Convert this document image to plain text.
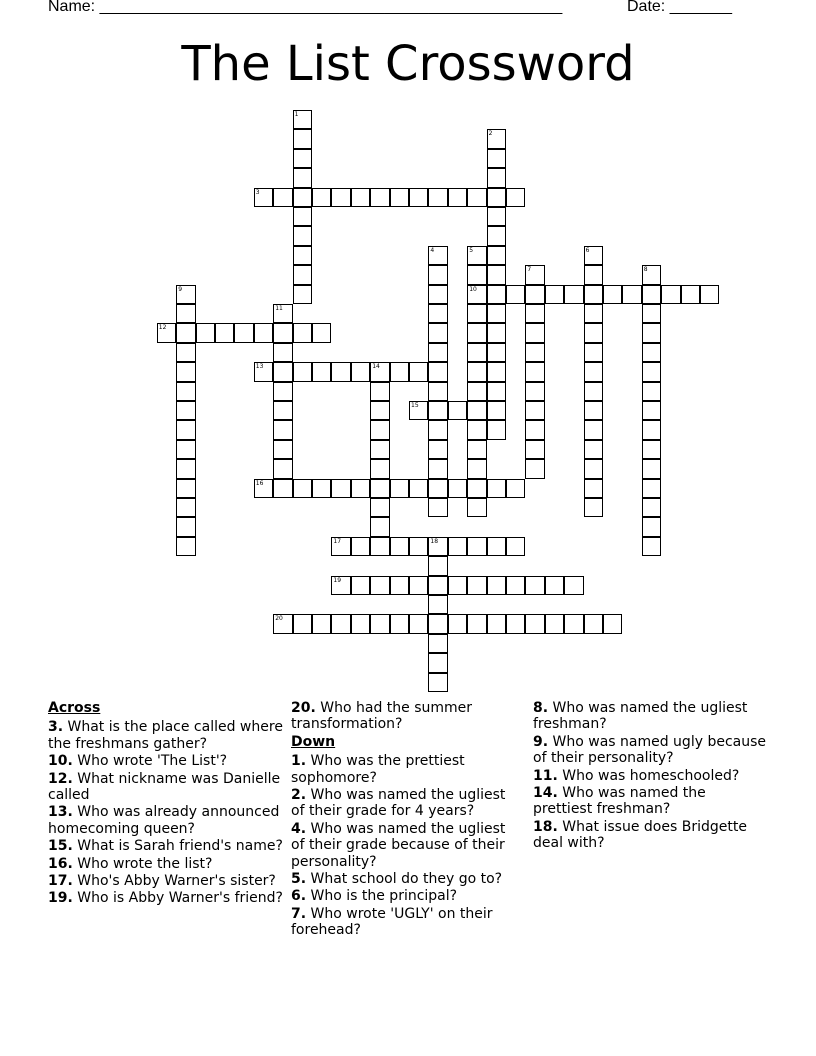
Name: ____________________________________________________	Date: _______
The List Crossword
1
2
3
4	5
10
6
7	8
9
11
12
13	14
15
16
17	18
19
20
Across
3. What is the place called where the freshmans gather?
10. Who wrote 'The List'?
12. What nickname was Danielle called
13. Who was already announced homecoming queen?
15. What is Sarah friend's name?
16. Who wrote the list?
17. Who's Abby Warner's sister?
19. Who is Abby Warner's friend?
20. Who had the summer transformation?
Down
1. Who was the prettiest sophomore?
2. Who was named the ugliest of their grade for 4 years?
4. Who was named the ugliest of their grade because of their personality?
5. What school do they go to?
6. Who is the principal?
7. Who wrote 'UGLY' on their forehead?
8. Who was named the ugliest freshman?
9. Who was named ugly because of their personality?
11. Who was homeschooled?
14. Who was named the prettiest freshman?
18. What issue does Bridgette deal with?
